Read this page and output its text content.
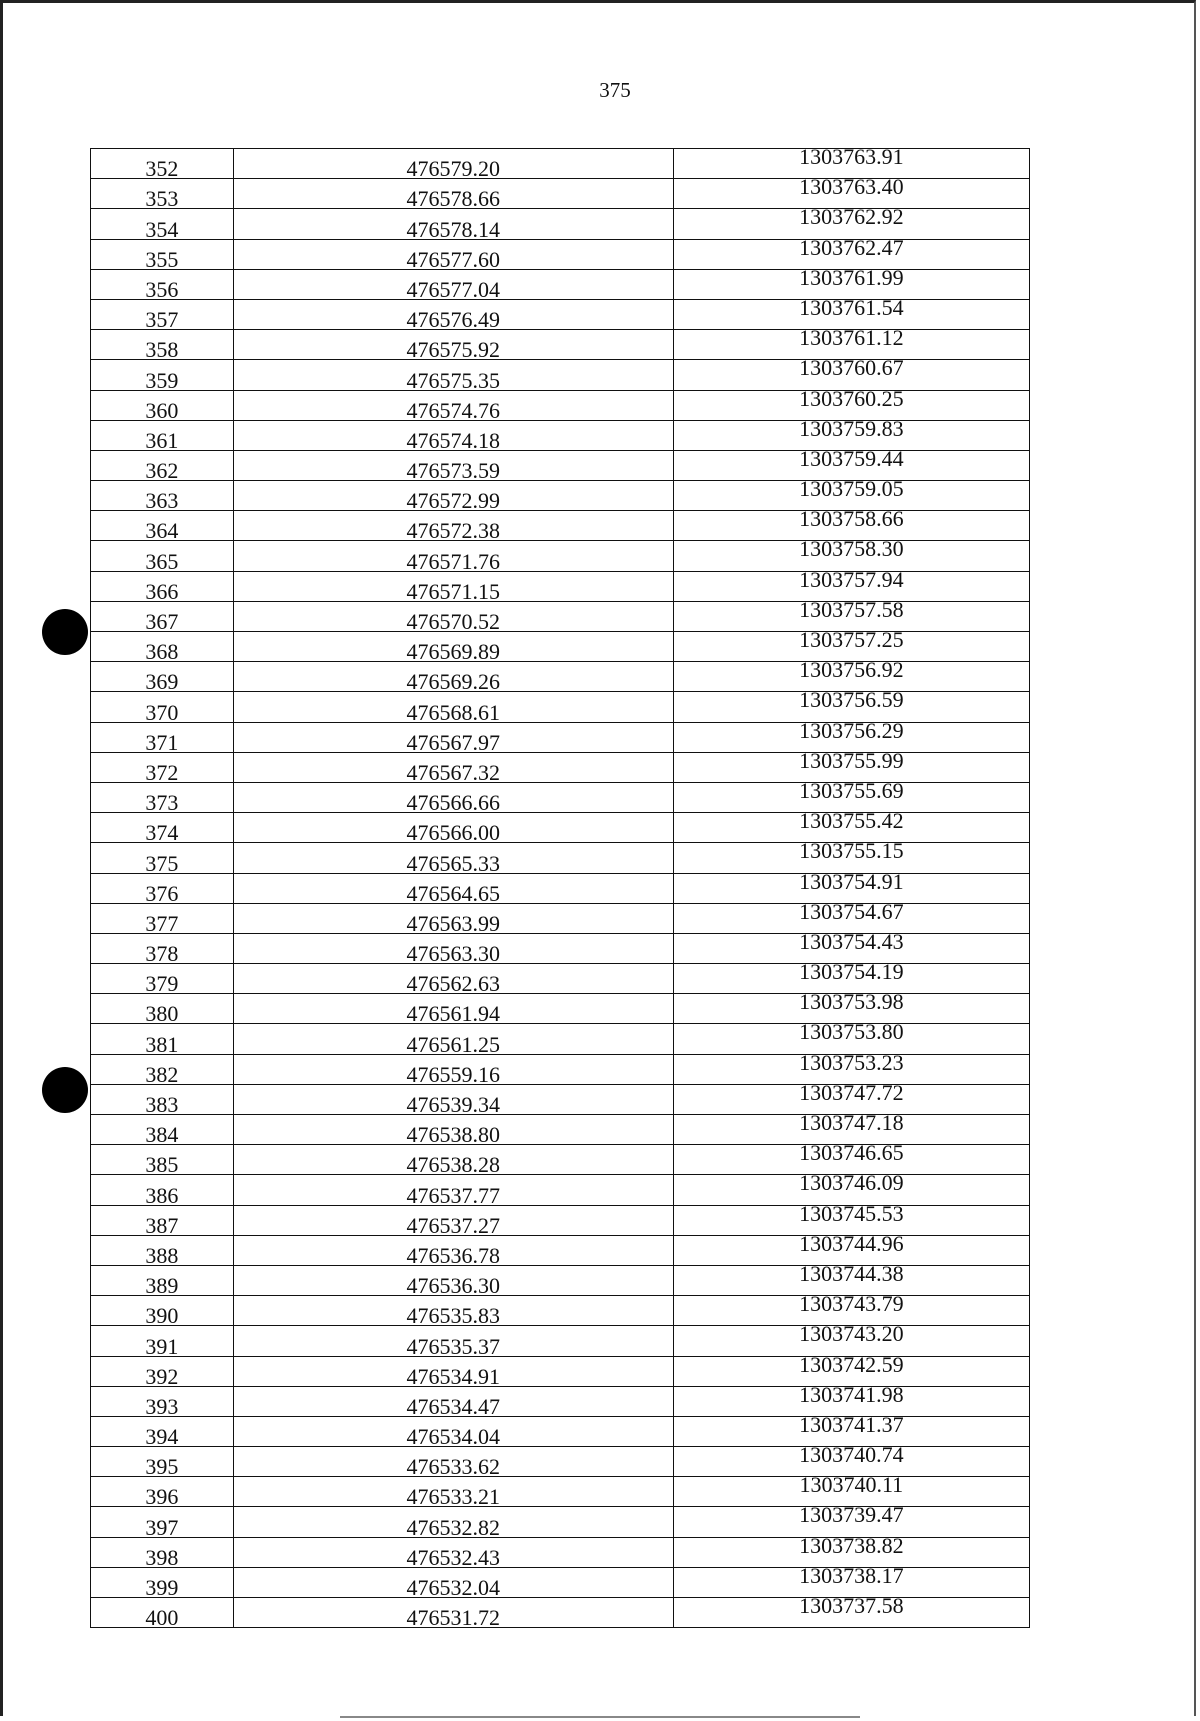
375
352	476579.20	1303763.91
353	476578.66	1303763.40
354	476578.14	1303762.92
355	476577.60	1303762.47
356	476577.04	1303761.99
357	476576.49	1303761.54
358	476575.92	1303761.12
359	476575.35	1303760.67
360	476574.76	1303760.25
361	476574.18	1303759.83
362	476573.59	1303759.44
363	476572.99	1303759.05
364	476572.38	1303758.66
365	476571.76	1303758.30
366	476571.15	1303757.94
367	476570.52	1303757.58
368	476569.89	1303757.25
369	476569.26	1303756.92
370	476568.61	1303756.59
371	476567.97	1303756.29
372	476567.32	1303755.99
373	476566.66	1303755.69
374	476566.00	1303755.42
375	476565.33	1303755.15
376	476564.65	1303754.91
377	476563.99	1303754.67
378	476563.30	1303754.43
379	476562.63	1303754.19
380	476561.94	1303753.98
381	476561.25	1303753.80
382	476559.16	1303753.23
383	476539.34	1303747.72
384	476538.80	1303747.18
385	476538.28	1303746.65
386	476537.77	1303746.09
387	476537.27	1303745.53
388	476536.78	1303744.96
389	476536.30	1303744.38
390	476535.83	1303743.79
391	476535.37	1303743.20
392	476534.91	1303742.59
393	476534.47	1303741.98
394	476534.04	1303741.37
395	476533.62	1303740.74
396	476533.21	1303740.11
397	476532.82	1303739.47
398	476532.43	1303738.82
399	476532.04	1303738.17
400	476531.72	1303737.58
